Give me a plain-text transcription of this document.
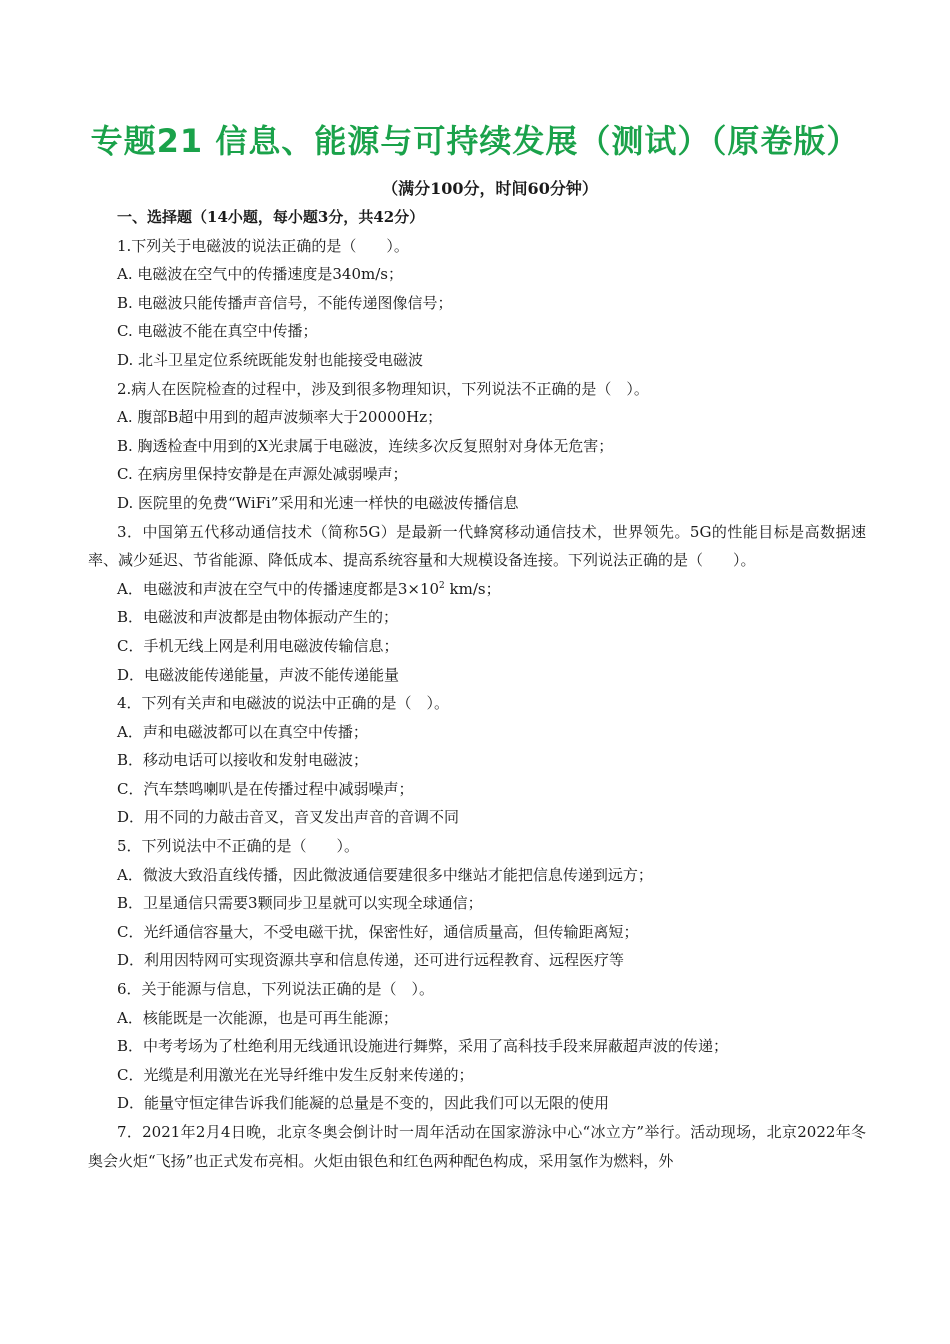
专题21 信息、能源与可持续发展（测试）（原卷版）
（满分100分，时间60分钟）

一、选择题（14小题，每小题3分，共42分）

1.下列关于电磁波的说法正确的是（　　）。

A. 电磁波在空气中的传播速度是340m/s；

B. 电磁波只能传播声音信号，不能传递图像信号；

C. 电磁波不能在真空中传播；

D. 北斗卫星定位系统既能发射也能接受电磁波

2.病人在医院检查的过程中，涉及到很多物理知识，下列说法不正确的是（　）。

A. 腹部B超中用到的超声波频率大于20000Hz；

B. 胸透检查中用到的X光隶属于电磁波，连续多次反复照射对身体无危害；

C. 在病房里保持安静是在声源处减弱噪声；

D. 医院里的免费“WiFi”采用和光速一样快的电磁波传播信息

3．中国第五代移动通信技术（简称5G）是最新一代蜂窝移动通信技术，世界领先。5G的性能目标是高数据速率、减少延迟、节省能源、降低成本、提高系统容量和大规模设备连接。下列说法正确的是（　　）。

A．电磁波和声波在空气中的传播速度都是$3\times 10^2$ km/s；

B．电磁波和声波都是由物体振动产生的；

C．手机无线上网是利用电磁波传输信息；

D．电磁波能传递能量，声波不能传递能量

4．下列有关声和电磁波的说法中正确的是（　）。

A．声和电磁波都可以在真空中传播；

B．移动电话可以接收和发射电磁波；

C．汽车禁鸣喇叭是在传播过程中减弱噪声；

D．用不同的力敲击音叉，音叉发出声音的音调不同

5．下列说法中不正确的是（　　）。

A．微波大致沿直线传播，因此微波通信要建很多中继站才能把信息传递到远方；

B．卫星通信只需要3颗同步卫星就可以实现全球通信；

C．光纤通信容量大，不受电磁干扰，保密性好，通信质量高，但传输距离短；

D．利用因特网可实现资源共享和信息传递，还可进行远程教育、远程医疗等

6．关于能源与信息，下列说法正确的是（　）。

A．核能既是一次能源，也是可再生能源；

B．中考考场为了杜绝利用无线通讯设施进行舞弊，采用了高科技手段来屏蔽超声波的传递；

C．光缆是利用激光在光导纤维中发生反射来传递的；

D．能量守恒定律告诉我们能凝的总量是不变的，因此我们可以无限的使用

7．2021年2月4日晚，北京冬奥会倒计时一周年活动在国家游泳中心“冰立方”举行。活动现场，北京2022年冬奥会火炬“飞扬”也正式发布亮相。火炬由银色和红色两种配色构成，采用氢作为燃料，外
